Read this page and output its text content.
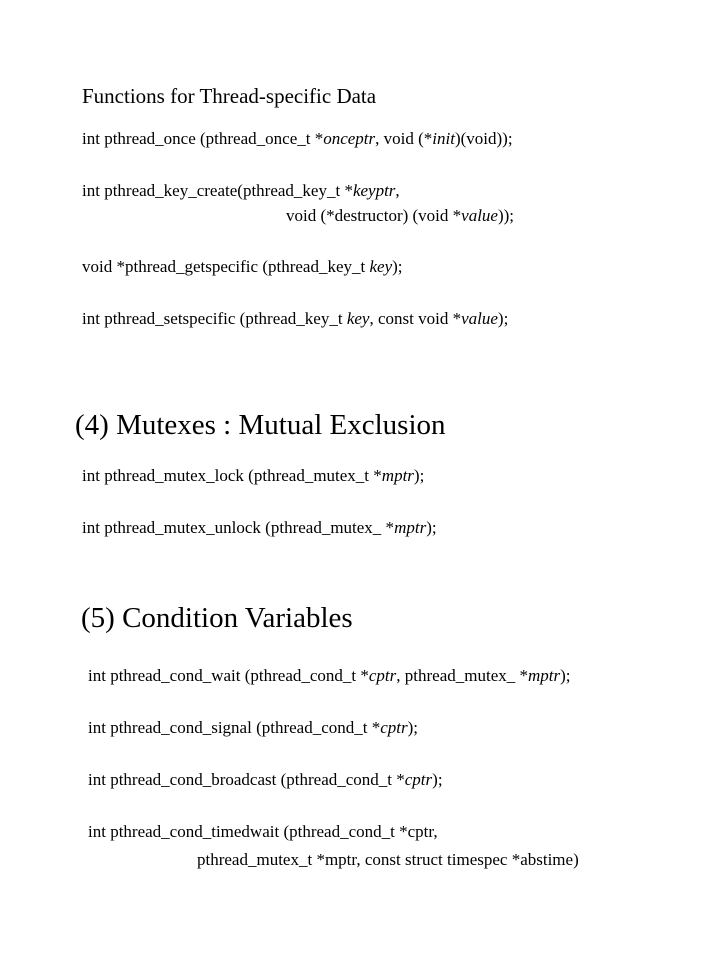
Functions for Thread-specific Data
int pthread_once (pthread_once_t *onceptr, void (*init)(void));
int pthread_key_create(pthread_key_t *keyptr,
void (*destructor) (void *value));
void *pthread_getspecific (pthread_key_t key);
int pthread_setspecific (pthread_key_t key, const void *value);
(4) Mutexes : Mutual Exclusion
int pthread_mutex_lock (pthread_mutex_t *mptr);
int pthread_mutex_unlock (pthread_mutex_ *mptr);
(5) Condition Variables
int pthread_cond_wait (pthread_cond_t *cptr, pthread_mutex_ *mptr);
int pthread_cond_signal (pthread_cond_t *cptr);
int pthread_cond_broadcast (pthread_cond_t *cptr);
int pthread_cond_timedwait (pthread_cond_t *cptr,
pthread_mutex_t *mptr, const struct timespec *abstime)
